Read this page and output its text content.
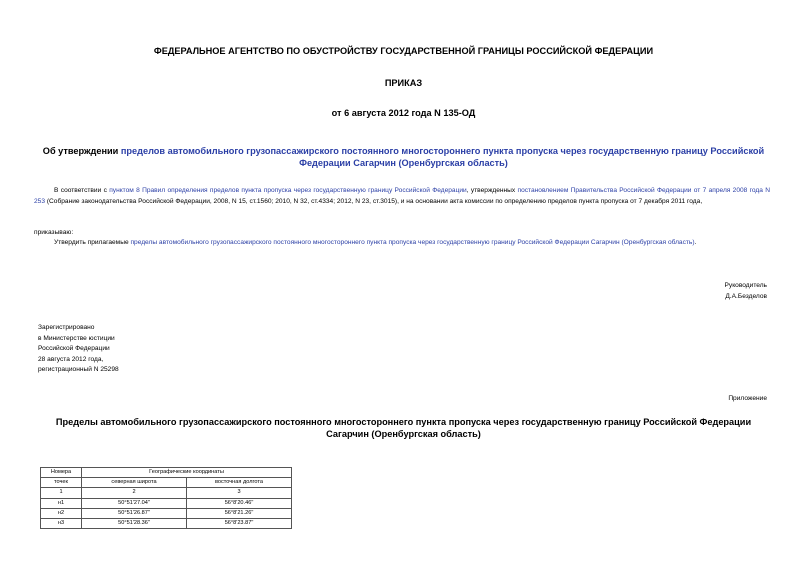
ФЕДЕРАЛЬНОЕ АГЕНТСТВО ПО ОБУСТРОЙСТВУ ГОСУДАРСТВЕННОЙ ГРАНИЦЫ РОССИЙСКОЙ ФЕДЕРАЦИИ
ПРИКАЗ
от 6 августа 2012 года N 135-ОД
Об утверждении пределов автомобильного грузопассажирского постоянного многостороннего пункта пропуска через государственную границу Российской Федерации Сагарчин (Оренбургская область)
В соответствии с пунктом 8 Правил определения пределов пункта пропуска через государственную границу Российской Федерации, утвержденных постановлением Правительства Российской Федерации от 7 апреля 2008 года N 253 (Собрание законодательства Российской Федерации, 2008, N 15, ст.1560; 2010, N 32, ст.4334; 2012, N 23, ст.3015), и на основании акта комиссии по определению пределов пункта пропуска от 7 декабря 2011 года,
приказываю:
Утвердить прилагаемые пределы автомобильного грузопассажирского постоянного многостороннего пункта пропуска через государственную границу Российской Федерации Сагарчин (Оренбургская область).
Руководитель
Д.А.Безделов
Зарегистрировано
в Министерстве юстиции
Российской Федерации
28 августа 2012 года,
регистрационный N 25298
Приложение
Пределы автомобильного грузопассажирского постоянного многостороннего пункта пропуска через государственную границу Российской Федерации Сагарчин (Оренбургская область)
Номера	Географические координаты	
точек	северная широта	восточная долгота
1	2	3
н1	50°51'27.04"	56°8'20.46"
н2	50°51'26.87"	56°8'21.26"
н3	50°51'28.36"	56°8'23.87"
